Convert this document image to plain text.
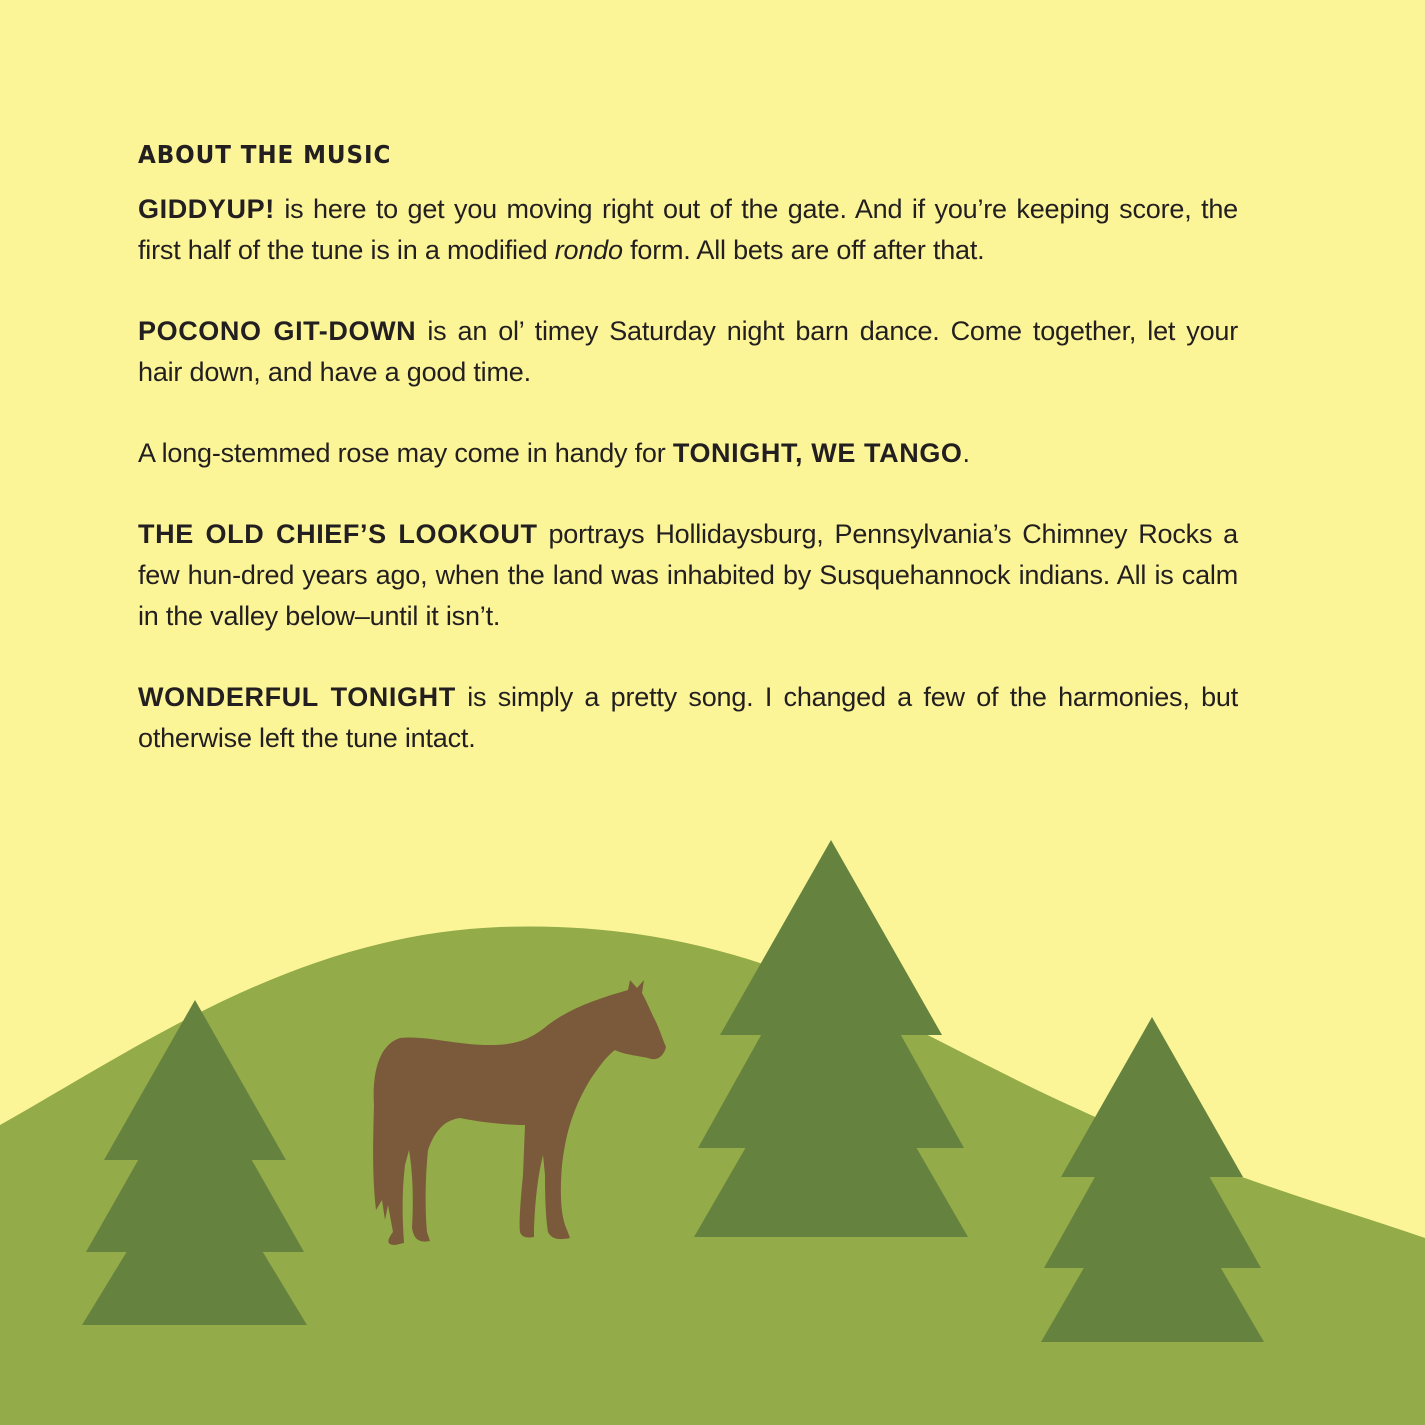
ABOUT THE MUSIC

GIDDYUP! is here to get you moving right out of the gate. And if you’re keeping score, the first half of the tune is in a modified rondo form. All bets are off after that.

POCONO GIT-DOWN is an ol’ timey Saturday night barn dance. Come together, let your hair down, and have a good time.

A long-stemmed rose may come in handy for TONIGHT, WE TANGO.

THE OLD CHIEF’S LOOKOUT portrays Hollidaysburg, Pennsylvania’s Chimney Rocks a few hun-dred years ago, when the land was inhabited by Susquehannock indians. All is calm in the valley below–until it isn’t.

WONDERFUL TONIGHT is simply a pretty song. I changed a few of the harmonies, but otherwise left the tune intact.
